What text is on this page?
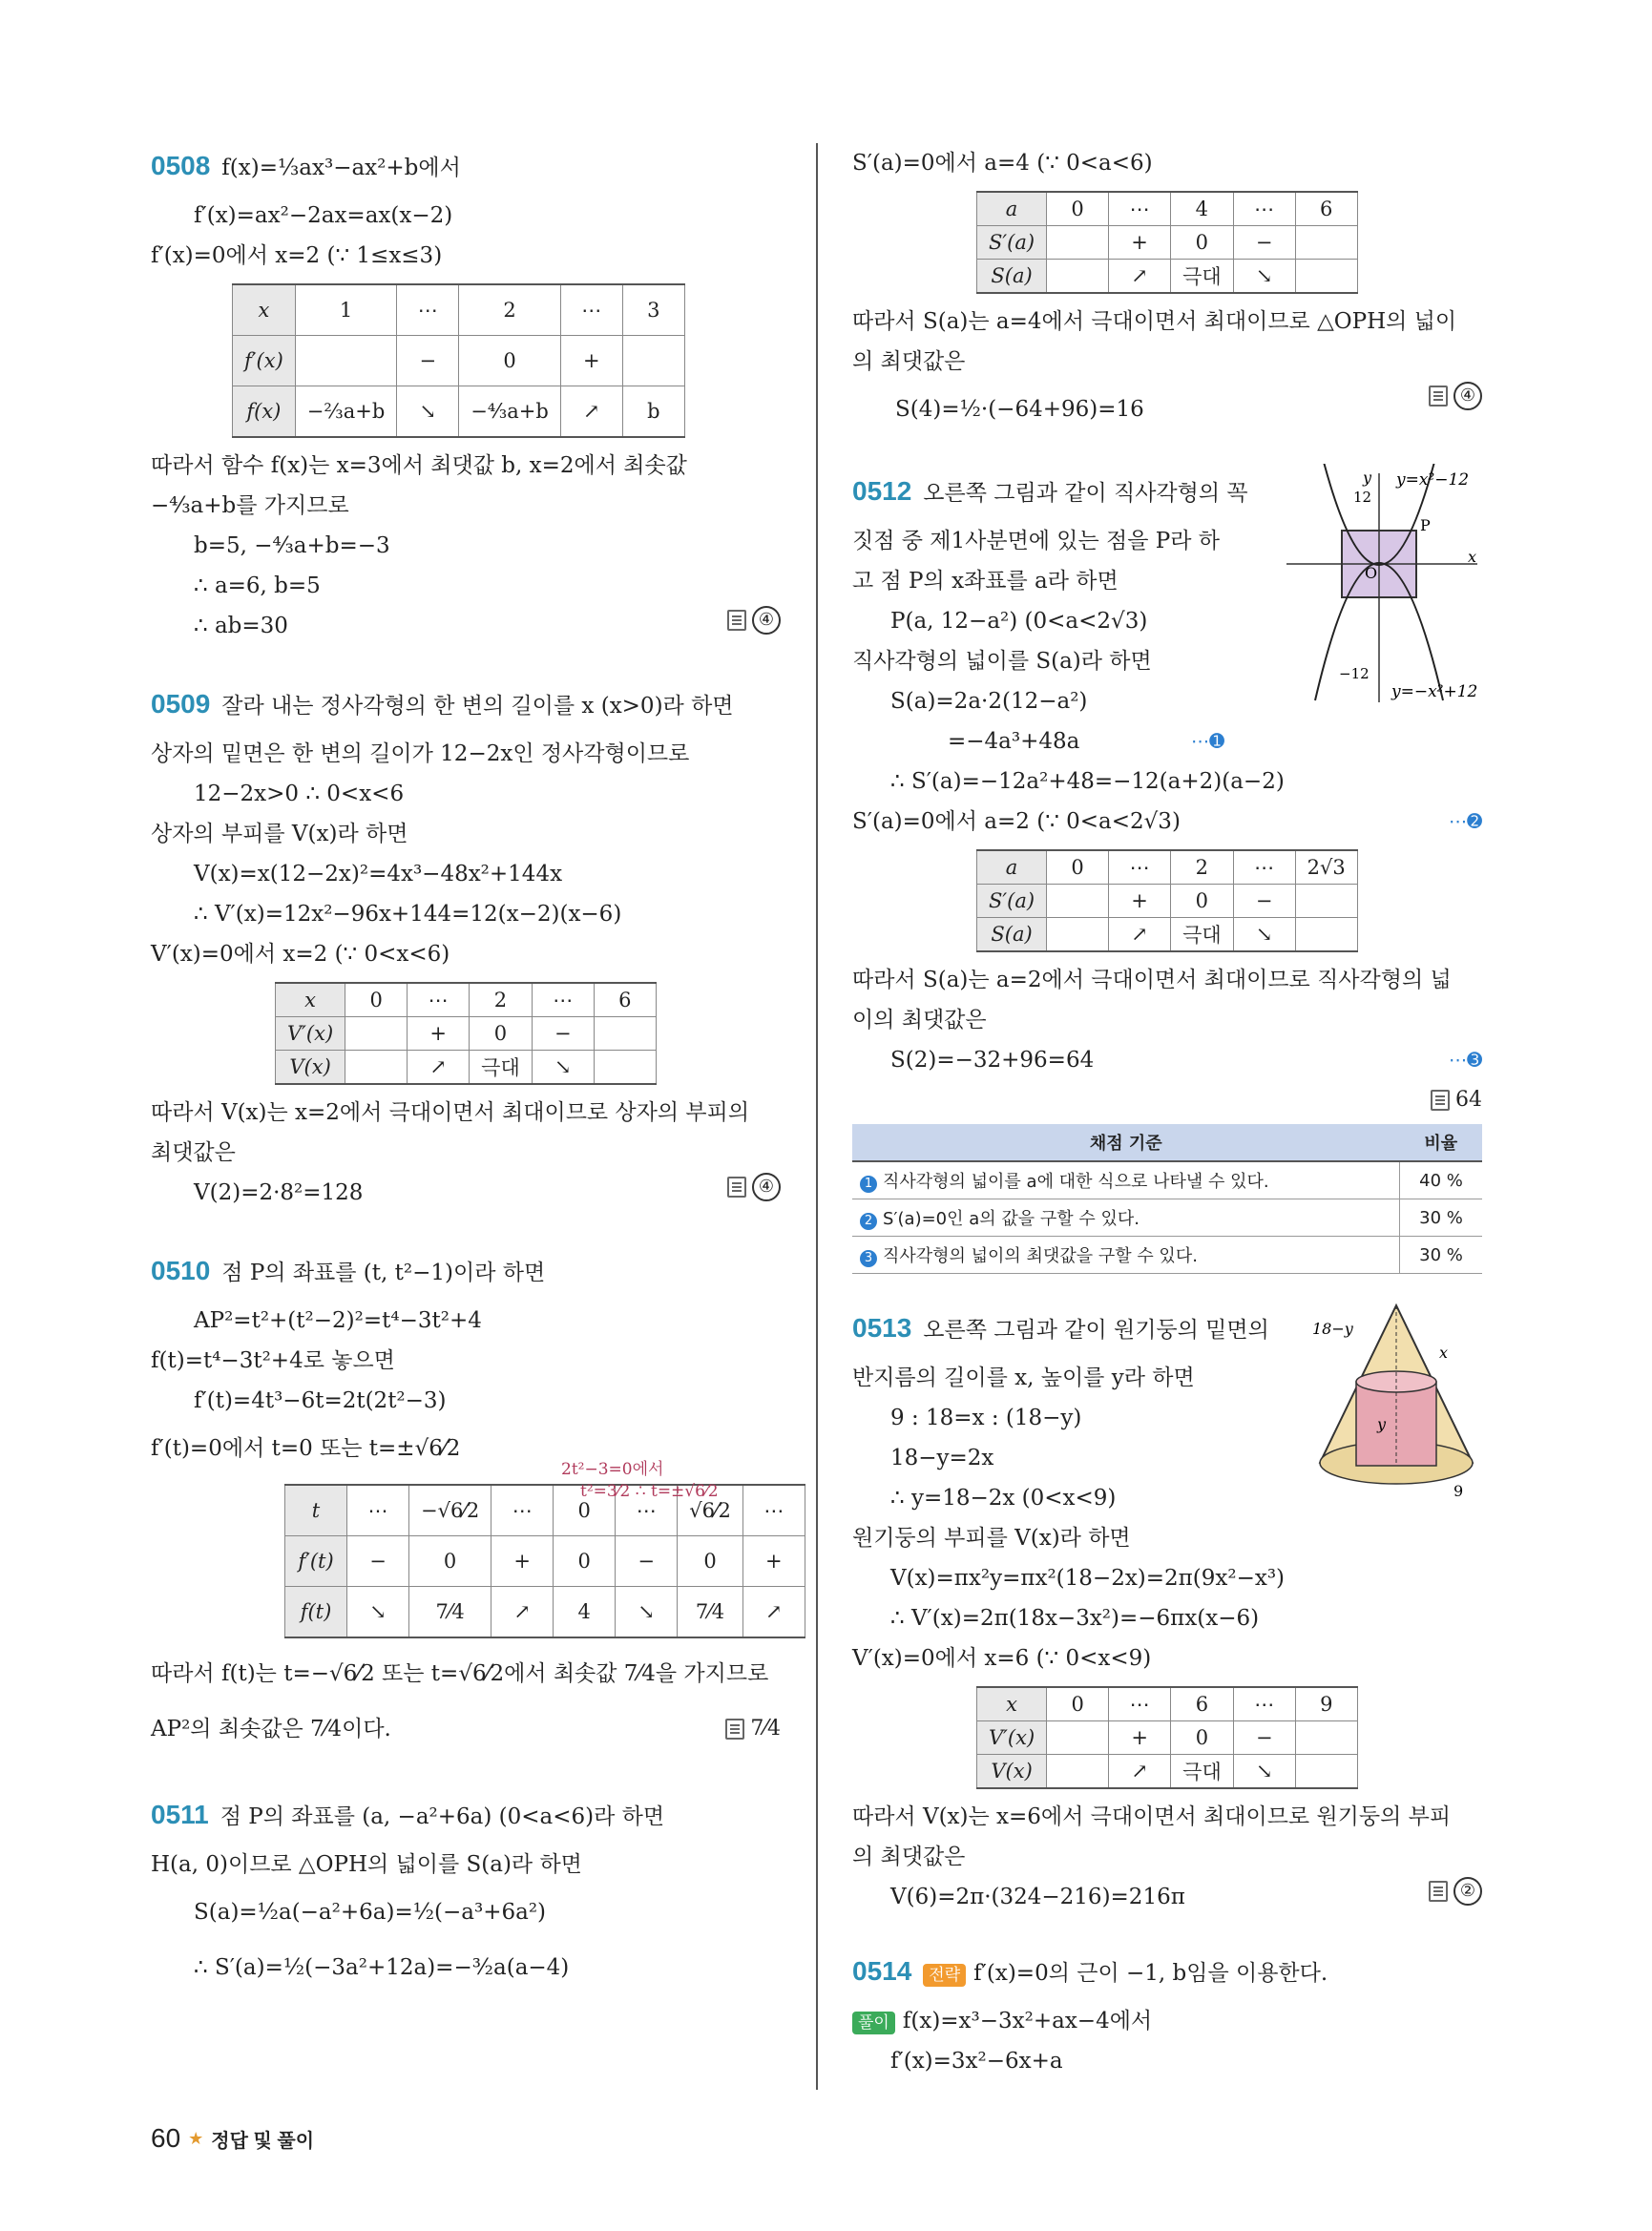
0508 f(x)=⅓ax³−ax²+b에서
f′(x)=ax²−2ax=ax(x−2)
f′(x)=0에서 x=2 (∵ 1≤x≤3)
x	1	⋯	2	⋯	3
f′(x)		−	0	+	
f(x)	−⅔a+b	↘	−⁴⁄₃a+b	↗	b
따라서 함수 f(x)는 x=3에서 최댓값 b, x=2에서 최솟값
−⁴⁄₃a+b를 가지므로
b=5, −⁴⁄₃a+b=−3
∴ a=6, b=5
∴ ab=30	④
0509 잘라 내는 정사각형의 한 변의 길이를 x (x>0)라 하면
상자의 밑면은 한 변의 길이가 12−2x인 정사각형이므로
12−2x>0 ∴ 0<x<6
상자의 부피를 V(x)라 하면
V(x)=x(12−2x)²=4x³−48x²+144x
∴ V′(x)=12x²−96x+144=12(x−2)(x−6)
V′(x)=0에서 x=2 (∵ 0<x<6)
x	0	⋯	2	⋯	6
V′(x)		+	0	−	
V(x)		↗	극대	↘	
따라서 V(x)는 x=2에서 극대이면서 최대이므로 상자의 부피의
최댓값은
V(2)=2·8²=128	④
0510 점 P의 좌표를 (t, t²−1)이라 하면
AP²=t²+(t²−2)²=t⁴−3t²+4
f(t)=t⁴−3t²+4로 놓으면
f′(t)=4t³−6t=2t(2t²−3)
f′(t)=0에서 t=0 또는 t=±√6⁄2
2t²−3=0에서
t²=3⁄2 ∴ t=±√6⁄2
t	⋯	−√6⁄2	⋯	0	⋯	√6⁄2	⋯
f′(t)	−	0	+	0	−	0	+
f(t)	↘	7⁄4	↗	4	↘	7⁄4	↗
따라서 f(t)는 t=−√6⁄2 또는 t=√6⁄2에서 최솟값 7⁄4을 가지므로
AP²의 최솟값은 7⁄4이다.	7⁄4
0511 점 P의 좌표를 (a, −a²+6a) (0<a<6)라 하면
H(a, 0)이므로 △OPH의 넓이를 S(a)라 하면
S(a)=½a(−a²+6a)=½(−a³+6a²)
∴ S′(a)=½(−3a²+12a)=−³⁄₂a(a−4)
S′(a)=0에서 a=4 (∵ 0<a<6)
a	0	⋯	4	⋯	6
S′(a)		+	0	−	
S(a)		↗	극대	↘	
따라서 S(a)는 a=4에서 극대이면서 최대이므로 △OPH의 넓이
의 최댓값은
S(4)=½·(−64+96)=16
④
y=x²−12
y
x
O
P
12
−12
y=−x²+12
0512 오른쪽 그림과 같이 직사각형의 꼭
짓점 중 제1사분면에 있는 점을 P라 하
고 점 P의 x좌표를 a라 하면
P(a, 12−a²) (0<a<2√3)
직사각형의 넓이를 S(a)라 하면
S(a)=2a·2(12−a²)
=−4a³+48a	⋯➊
∴ S′(a)=−12a²+48=−12(a+2)(a−2)
S′(a)=0에서 a=2 (∵ 0<a<2√3)	⋯➋
a	0	⋯	2	⋯	2√3
S′(a)		+	0	−	
S(a)		↗	극대	↘	
따라서 S(a)는 a=2에서 극대이면서 최대이므로 직사각형의 넓
이의 최댓값은
S(2)=−32+96=64	⋯➌
64
채점 기준	비율
1 직사각형의 넓이를 a에 대한 식으로 나타낼 수 있다.	40 %
2 S′(a)=0인 a의 값을 구할 수 있다.	30 %
3 직사각형의 넓이의 최댓값을 구할 수 있다.	30 %
18−y
x
y
9
0513 오른쪽 그림과 같이 원기둥의 밑면의
반지름의 길이를 x, 높이를 y라 하면
9 : 18=x : (18−y)
18−y=2x
∴ y=18−2x (0<x<9)
원기둥의 부피를 V(x)라 하면
V(x)=πx²y=πx²(18−2x)=2π(9x²−x³)
∴ V′(x)=2π(18x−3x²)=−6πx(x−6)
V′(x)=0에서 x=6 (∵ 0<x<9)
x	0	⋯	6	⋯	9
V′(x)		+	0	−	
V(x)		↗	극대	↘	
따라서 V(x)는 x=6에서 극대이면서 최대이므로 원기둥의 부피
의 최댓값은
V(6)=2π·(324−216)=216π	②
0514 전략 f′(x)=0의 근이 −1, b임을 이용한다.
풀이 f(x)=x³−3x²+ax−4에서
f′(x)=3x²−6x+a
60 ★ 정답 및 풀이
